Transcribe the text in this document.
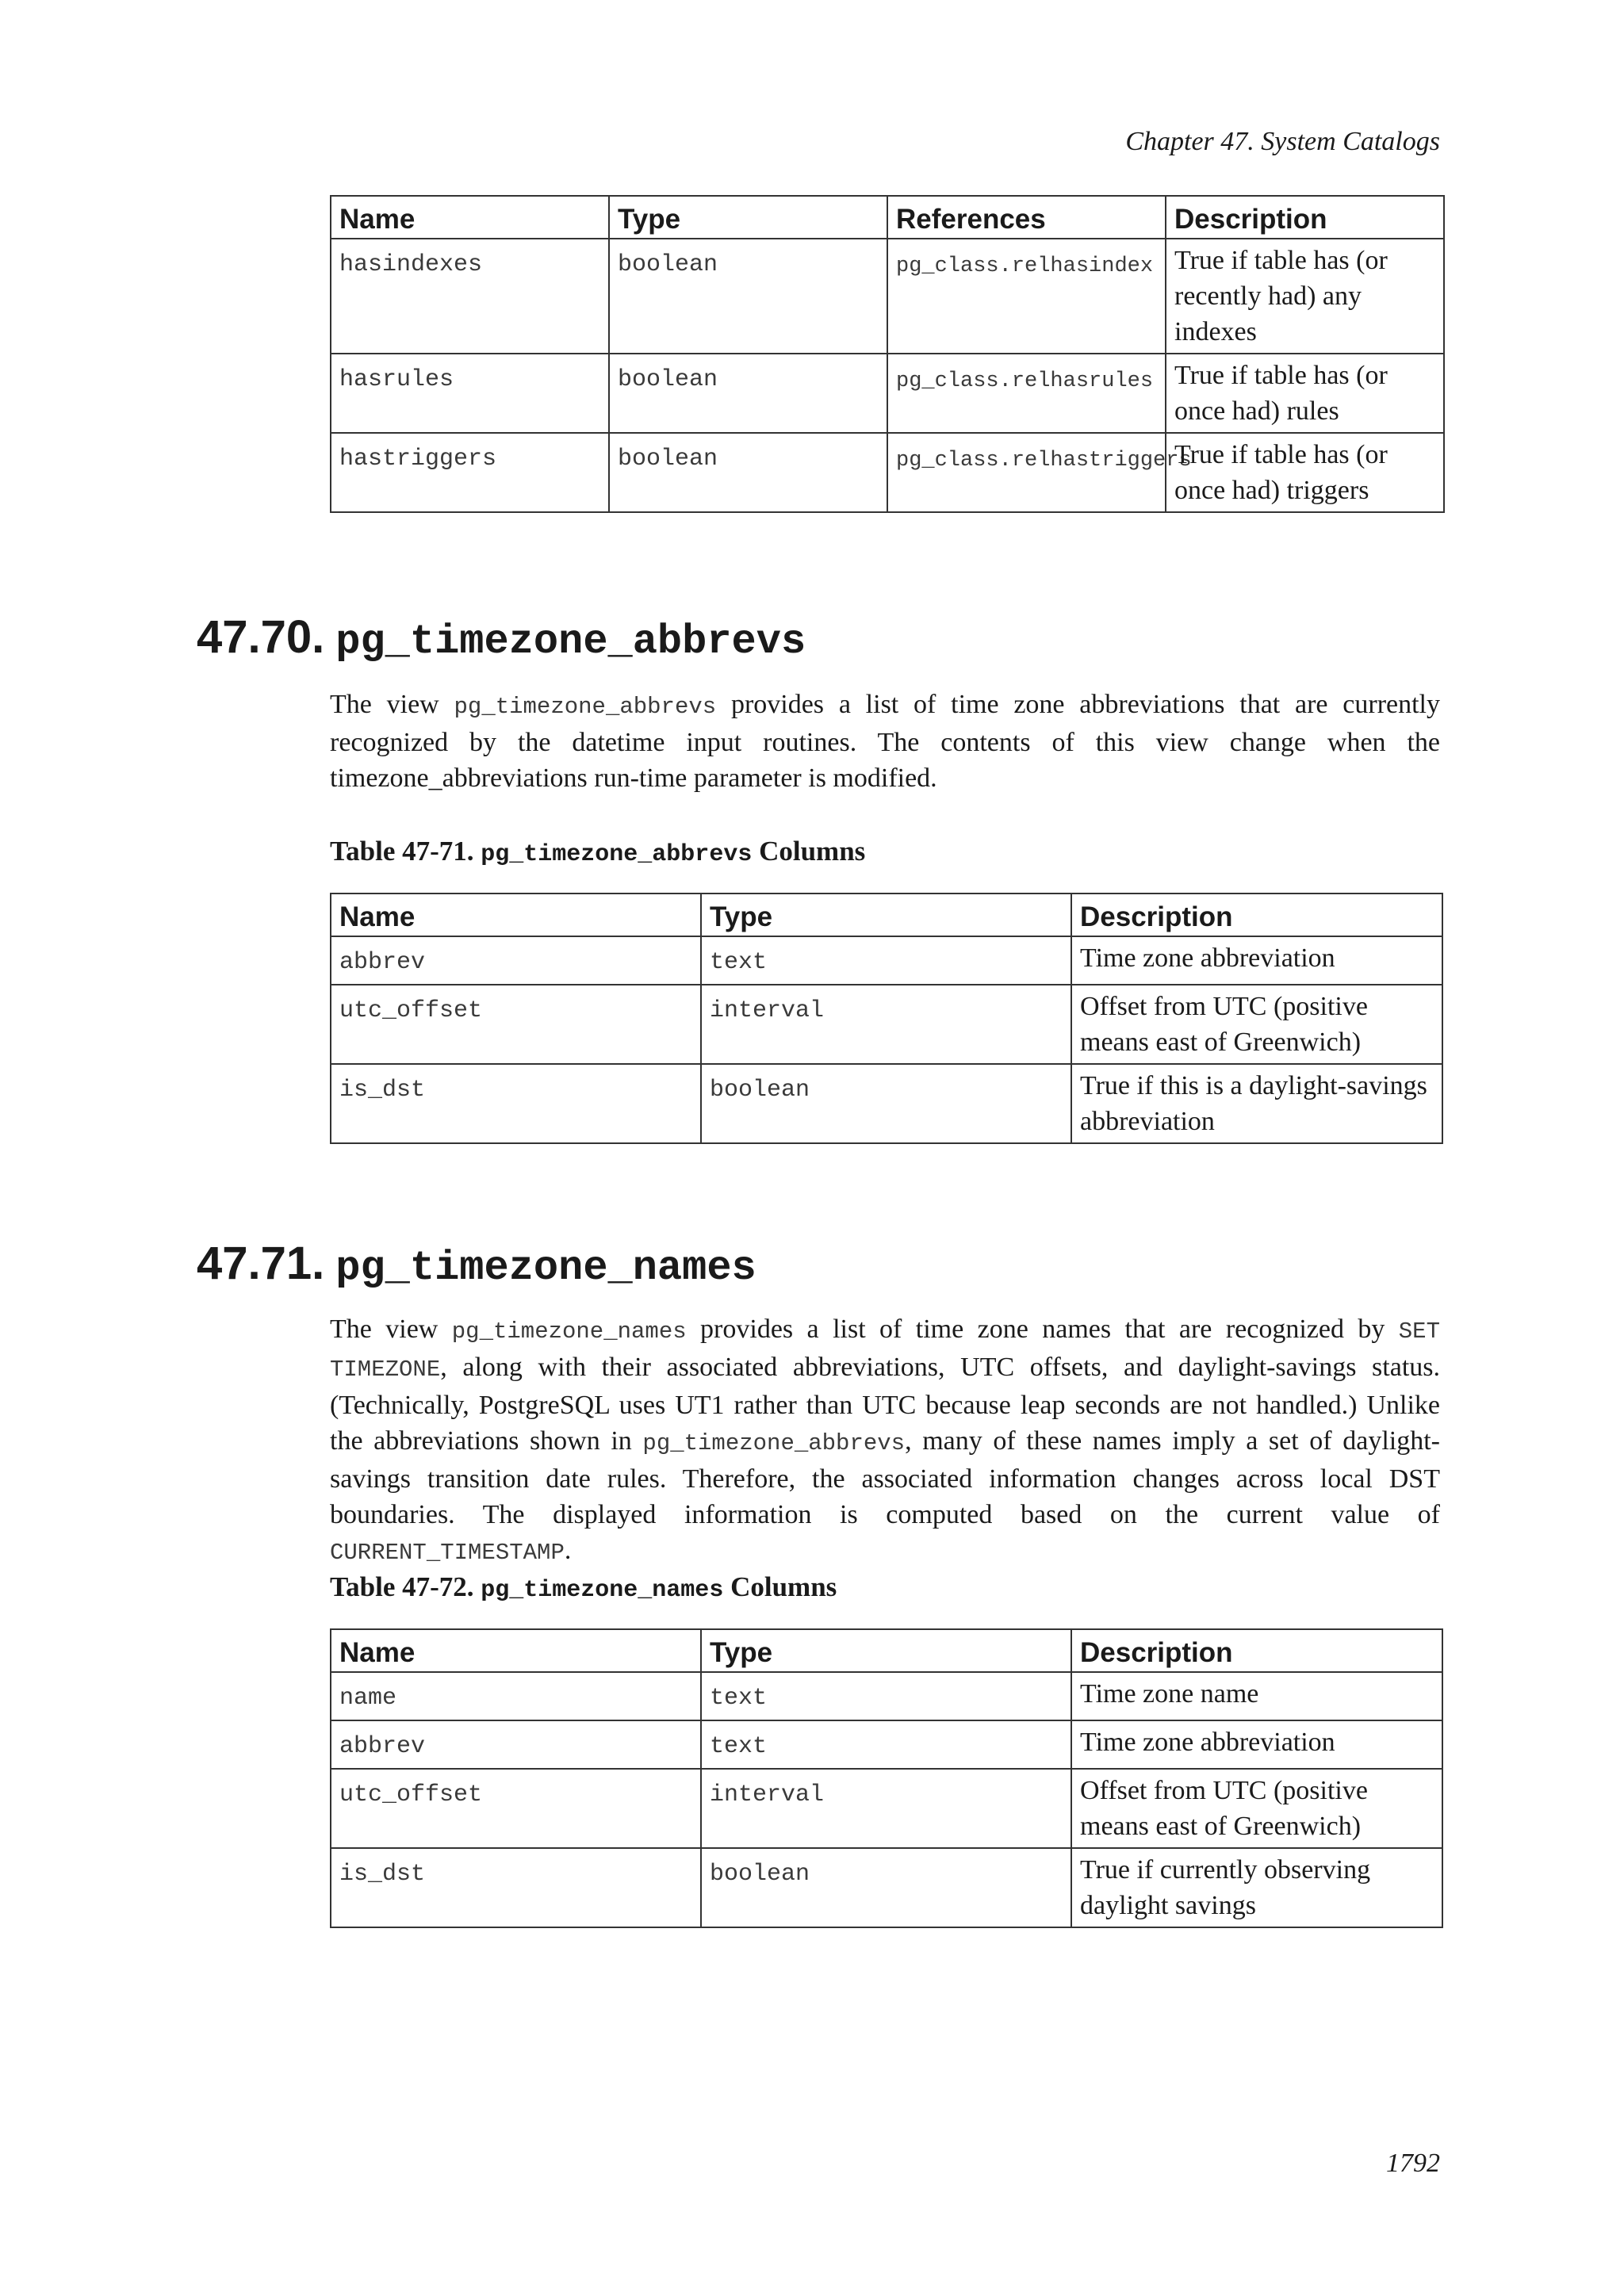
Chapter 47. System Catalogs
Name	Type	References	Description
hasindexes	boolean	pg_class.relhasindex	True if table has (or recently had) any indexes
hasrules	boolean	pg_class.relhasrules	True if table has (or once had) rules
hastriggers	boolean	pg_class.relhastriggers	True if table has (or once had) triggers
47.70. pg_timezone_abbrevs
The view pg_timezone_abbrevs provides a list of time zone abbreviations that are currently recognized by the datetime input routines. The contents of this view change when the timezone_abbreviations run-time parameter is modified.
Table 47-71. pg_timezone_abbrevs Columns
Name	Type	Description
abbrev	text	Time zone abbreviation
utc_offset	interval	Offset from UTC (positive means east of Greenwich)
is_dst	boolean	True if this is a daylight-savings abbreviation
47.71. pg_timezone_names
The view pg_timezone_names provides a list of time zone names that are recognized by SET TIMEZONE, along with their associated abbreviations, UTC offsets, and daylight-savings status. (Technically, PostgreSQL uses UT1 rather than UTC because leap seconds are not handled.) Unlike the abbreviations shown in pg_timezone_abbrevs, many of these names imply a set of daylight-savings transition date rules. Therefore, the associated information changes across local DST boundaries. The displayed information is computed based on the current value of CURRENT_TIMESTAMP.
Table 47-72. pg_timezone_names Columns
Name	Type	Description
name	text	Time zone name
abbrev	text	Time zone abbreviation
utc_offset	interval	Offset from UTC (positive means east of Greenwich)
is_dst	boolean	True if currently observing daylight savings
1792
